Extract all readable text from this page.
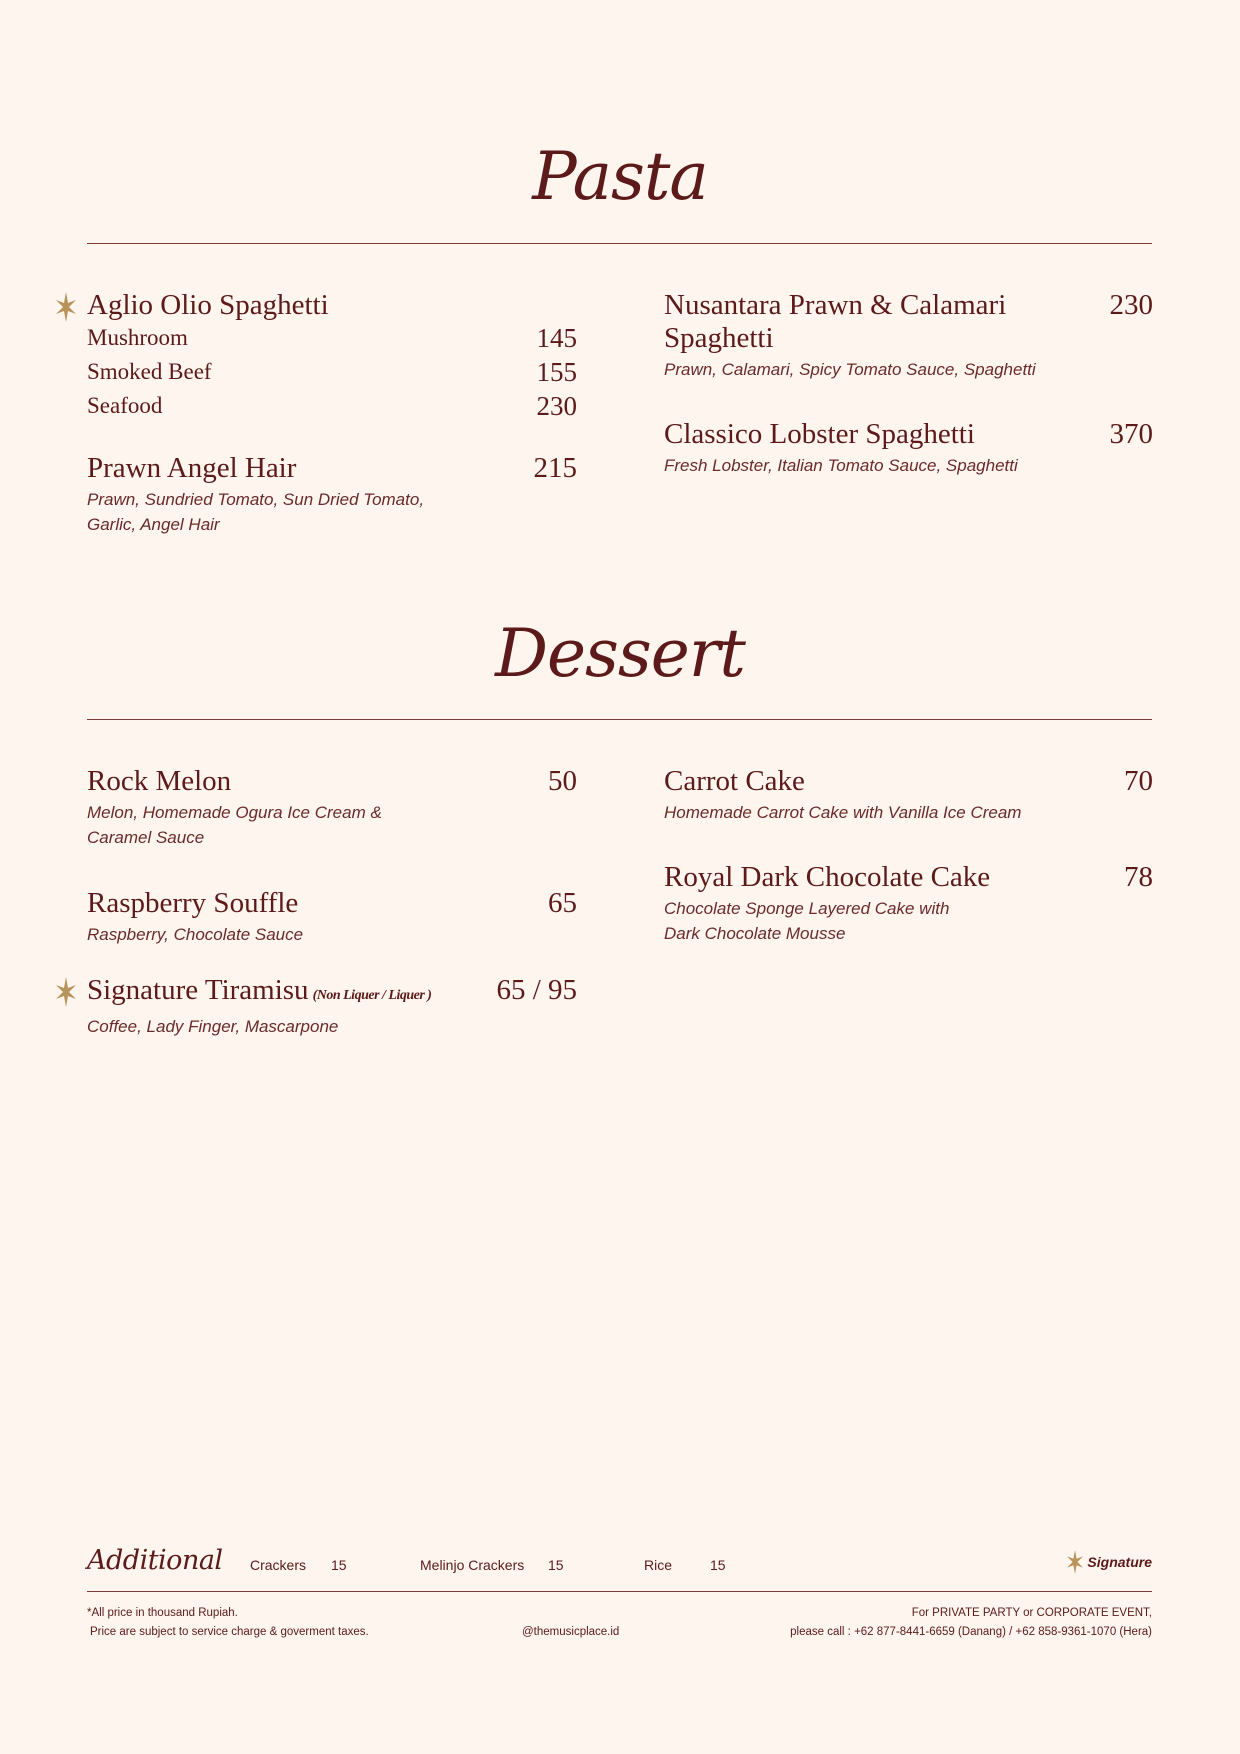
Pasta
Aglio Olio Spaghetti
Mushroom	145
Smoked Beef	155
Seafood	230
Prawn Angel Hair	215
Prawn, Sundried Tomato, Sun Dried Tomato,
Garlic, Angel Hair
Nusantara Prawn & Calamari
Spaghetti
230
Prawn, Calamari, Spicy Tomato Sauce, Spaghetti
Classico Lobster Spaghetti	370
Fresh Lobster, Italian Tomato Sauce, Spaghetti
Dessert
Rock Melon	50
Melon, Homemade Ogura Ice Cream &
Caramel Sauce
Raspberry Souffle	65
Raspberry, Chocolate Sauce
Signature Tiramisu (Non Liquer / Liquer ) 65 / 95
Coffee, Lady Finger, Mascarpone
Carrot Cake	70
Homemade Carrot Cake with Vanilla Ice Cream
Royal Dark Chocolate Cake	78
Chocolate Sponge Layered Cake with
Dark Chocolate Mousse
Additional Crackers 15	Melinjo Crackers 15	Rice	15	Signature
*All price in thousand Rupiah.
Price are subject to service charge & goverment taxes.	@themusicplace.id
For PRIVATE PARTY or CORPORATE EVENT,
please call : +62 877-8441-6659 (Danang) / +62 858-9361-1070 (Hera)
